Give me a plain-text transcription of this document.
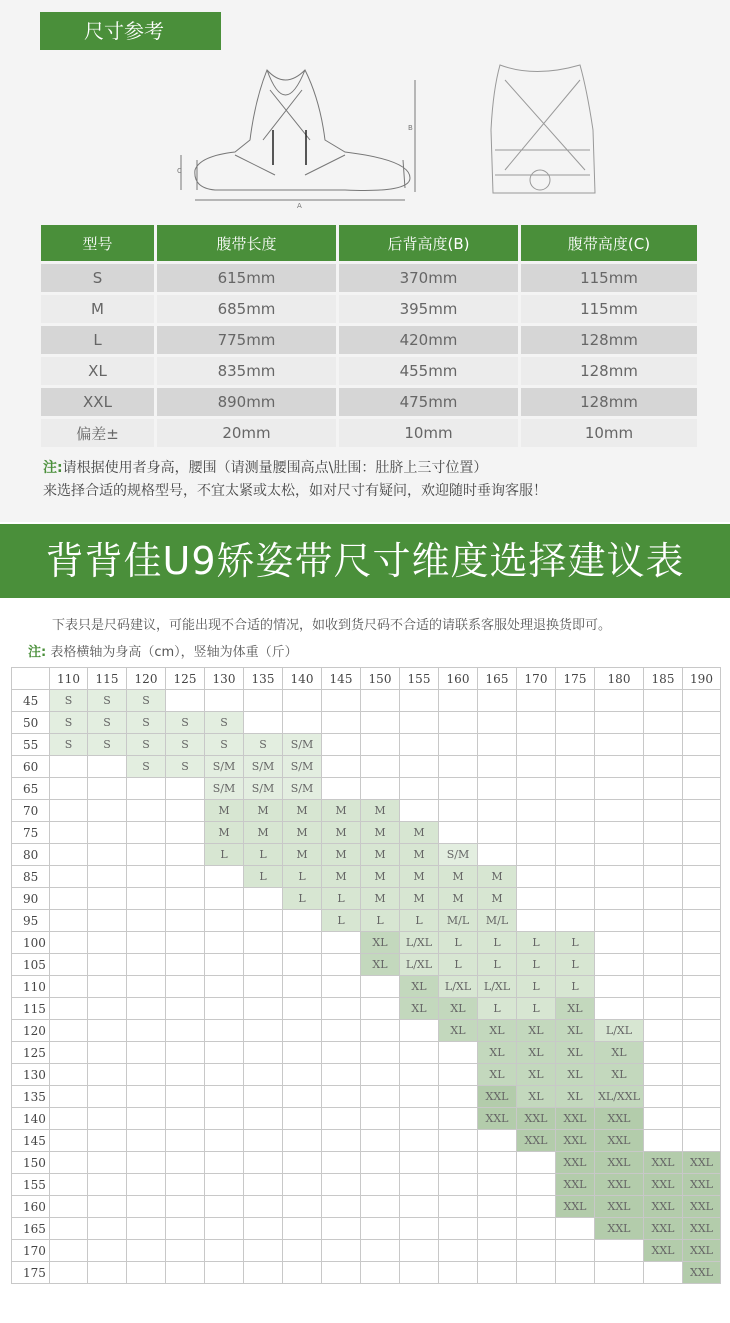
尺寸参考
A
B
C
型号	腹带长度	后背高度(B)	腹带高度(C)
S	615mm	370mm	115mm
M	685mm	395mm	115mm
L	775mm	420mm	128mm
XL	835mm	455mm	128mm
XXL	890mm	475mm	128mm
偏差±	20mm	10mm	10mm
注:请根据使用者身高，腰围（请测量腰围高点\肚围：肚脐上三寸位置）
来选择合适的规格型号，不宜太紧或太松，如对尺寸有疑问，欢迎随时垂询客服！
背背佳U9矫姿带尺寸维度选择建议表
下表只是尺码建议，可能出现不合适的情况，如收到货尺码不合适的请联系客服处理退换货即可。
注: 表格横轴为身高（cm），竖轴为体重（斤）
	110	115	120	125	130	135	140	145	150	155	160	165	170	175	180	185	190
45	S	S	S														
50	S	S	S	S	S												
55	S	S	S	S	S	S	S/M										
60			S	S	S/M	S/M	S/M										
65					S/M	S/M	S/M										
70					M	M	M	M	M								
75					M	M	M	M	M	M							
80					L	L	M	M	M	M	S/M						
85						L	L	M	M	M	M	M					
90							L	L	M	M	M	M					
95								L	L	L	M/L	M/L					
100									XL	L/XL	L	L	L	L			
105									XL	L/XL	L	L	L	L			
110										XL	L/XL	L/XL	L	L			
115										XL	XL	L	L	XL			
120											XL	XL	XL	XL	L/XL		
125												XL	XL	XL	XL		
130												XL	XL	XL	XL		
135												XXL	XL	XL	XL/XXL		
140												XXL	XXL	XXL	XXL		
145													XXL	XXL	XXL		
150														XXL	XXL	XXL	XXL
155														XXL	XXL	XXL	XXL
160														XXL	XXL	XXL	XXL
165															XXL	XXL	XXL
170																XXL	XXL
175																	XXL
